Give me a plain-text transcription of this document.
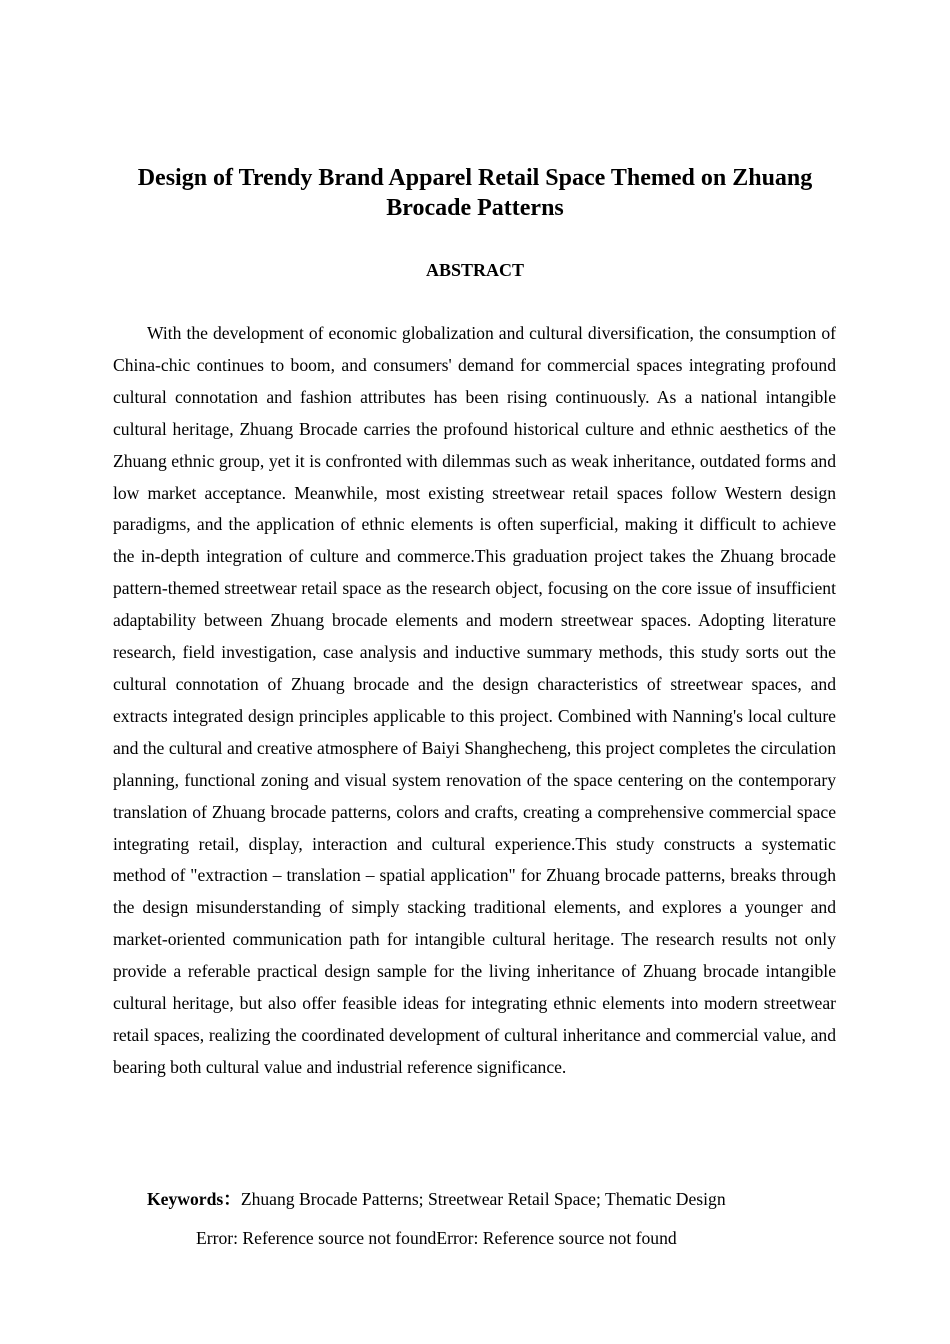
Design of Trendy Brand Apparel Retail Space Themed on Zhuang Brocade Patterns
ABSTRACT

With the development of economic globalization and cultural diversification, the consumption of China-chic continues to boom, and consumers' demand for commercial spaces integrating profound cultural connotation and fashion attributes has been rising continuously. As a national intangible cultural heritage, Zhuang Brocade carries the profound historical culture and ethnic aesthetics of the Zhuang ethnic group, yet it is confronted with dilemmas such as weak inheritance, outdated forms and low market acceptance. Meanwhile, most existing streetwear retail spaces follow Western design paradigms, and the application of ethnic elements is often superficial, making it difficult to achieve the in-depth integration of culture and commerce.This graduation project takes the Zhuang brocade pattern-themed streetwear retail space as the research object, focusing on the core issue of insufficient adaptability between Zhuang brocade elements and modern streetwear spaces. Adopting literature research, field investigation, case analysis and inductive summary methods, this study sorts out the cultural connotation of Zhuang brocade and the design characteristics of streetwear spaces, and extracts integrated design principles applicable to this project. Combined with Nanning's local culture and the cultural and creative atmosphere of Baiyi Shanghecheng, this project completes the circulation planning, functional zoning and visual system renovation of the space centering on the contemporary translation of Zhuang brocade patterns, colors and crafts, creating a comprehensive commercial space integrating retail, display, interaction and cultural experience.This study constructs a systematic method of "extraction – translation – spatial application" for Zhuang brocade patterns, breaks through the design misunderstanding of simply stacking traditional elements, and explores a younger and market-oriented communication path for intangible cultural heritage. The research results not only provide a referable practical design sample for the living inheritance of Zhuang brocade intangible cultural heritage, but also offer feasible ideas for integrating ethnic elements into modern streetwear retail spaces, realizing the coordinated development of cultural inheritance and commercial value, and bearing both cultural value and industrial reference significance.

Keywords：Zhuang Brocade Patterns; Streetwear Retail Space; Thematic Design

Error: Reference source not foundError: Reference source not found
